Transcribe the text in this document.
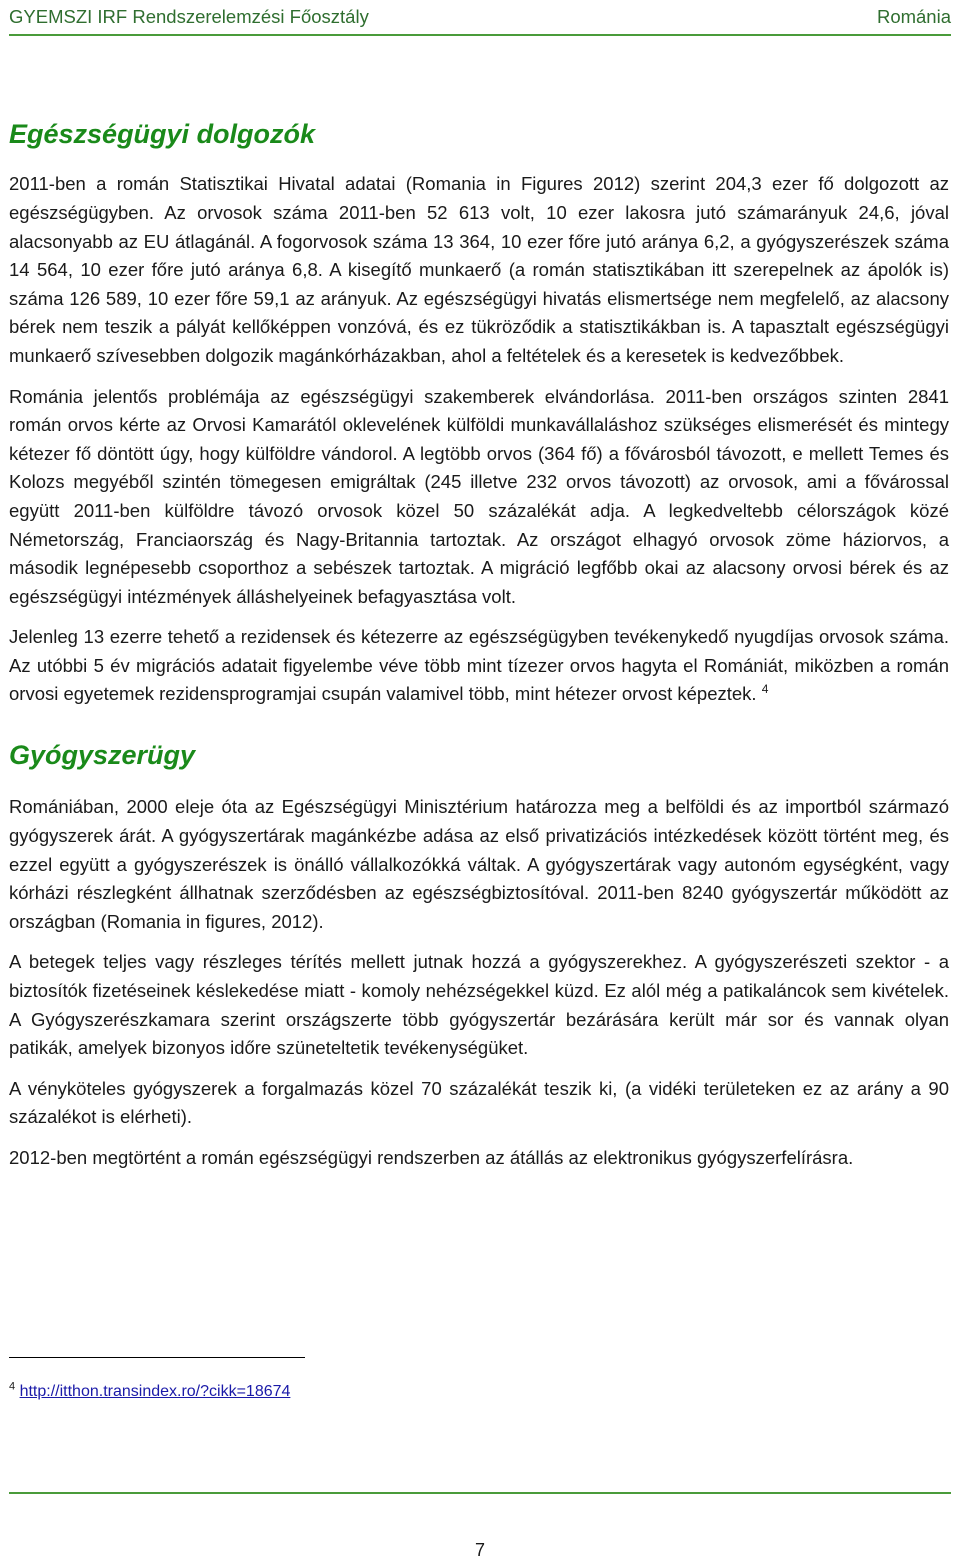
GYEMSZI IRF Rendszerelemzési Főosztály	Románia
Egészségügyi dolgozók

2011-ben a román Statisztikai Hivatal adatai (Romania in Figures 2012) szerint 204,3 ezer fő dolgozott az egészségügyben. Az orvosok száma 2011-ben 52 613 volt, 10 ezer lakosra jutó számarányuk 24,6, jóval alacsonyabb az EU átlagánál. A fogorvosok száma 13 364, 10 ezer főre jutó aránya 6,2, a gyógyszerészek száma 14 564, 10 ezer főre jutó aránya 6,8. A kisegítő munkaerő (a román statisztikában itt szerepelnek az ápolók is) száma 126 589, 10 ezer főre 59,1 az arányuk. Az egészségügyi hivatás elismertsége nem megfelelő, az alacsony bérek nem teszik a pályát kellőképpen vonzóvá, és ez tükröződik a statisztikákban is. A tapasztalt egészségügyi munkaerő szívesebben dolgozik magánkórházakban, ahol a feltételek és a keresetek is kedvezőbbek.

Románia jelentős problémája az egészségügyi szakemberek elvándorlása. 2011-ben országos szinten 2841 román orvos kérte az Orvosi Kamarától oklevelének külföldi munkavállaláshoz szükséges elismerését és mintegy kétezer fő döntött úgy, hogy külföldre vándorol. A legtöbb orvos (364 fő) a fővárosból távozott, e mellett Temes és Kolozs megyéből szintén tömegesen emigráltak (245 illetve 232 orvos távozott) az orvosok, ami a fővárossal együtt 2011-ben külföldre távozó orvosok közel 50 százalékát adja. A legkedveltebb célországok közé Németország, Franciaország és Nagy-Britannia tartoztak. Az országot elhagyó orvosok zöme háziorvos, a második legnépesebb csoporthoz a sebészek tartoztak. A migráció legfőbb okai az alacsony orvosi bérek és az egészségügyi intézmények álláshelyeinek befagyasztása volt.

Jelenleg 13 ezerre tehető a rezidensek és kétezerre az egészségügyben tevékenykedő nyugdíjas orvosok száma. Az utóbbi 5 év migrációs adatait figyelembe véve több mint tízezer orvos hagyta el Romániát, miközben a román orvosi egyetemek rezidensprogramjai csupán valamivel több, mint hétezer orvost képeztek. $^4$

Gyógyszerügy

Romániában, 2000 eleje óta az Egészségügyi Minisztérium határozza meg a belföldi és az importból származó gyógyszerek árát. A gyógyszertárak magánkézbe adása az első privatizációs intézkedések között történt meg, és ezzel együtt a gyógyszerészek is önálló vállalkozókká váltak. A gyógyszertárak vagy autonóm egységként, vagy kórházi részlegként állhatnak szerződésben az egészségbiztosítóval. 2011-ben 8240 gyógyszertár működött az országban (Romania in figures, 2012).

A betegek teljes vagy részleges térítés mellett jutnak hozzá a gyógyszerekhez. A gyógyszerészeti szektor - a biztosítók fizetéseinek késlekedése miatt - komoly nehézségekkel küzd. Ez alól még a patikaláncok sem kivételek. A Gyógyszerészkamara szerint országszerte több gyógyszertár bezárására került már sor és vannak olyan patikák, amelyek bizonyos időre szüneteltetik tevékenységüket.

A vényköteles gyógyszerek a forgalmazás közel 70 százalékát teszik ki, (a vidéki területeken ez az arány a 90 százalékot is elérheti).

2012-ben megtörtént a román egészségügyi rendszerben az átállás az elektronikus gyógyszerfelírásra.

$^4$ http://itthon.transindex.ro/?cikk=18674
7
